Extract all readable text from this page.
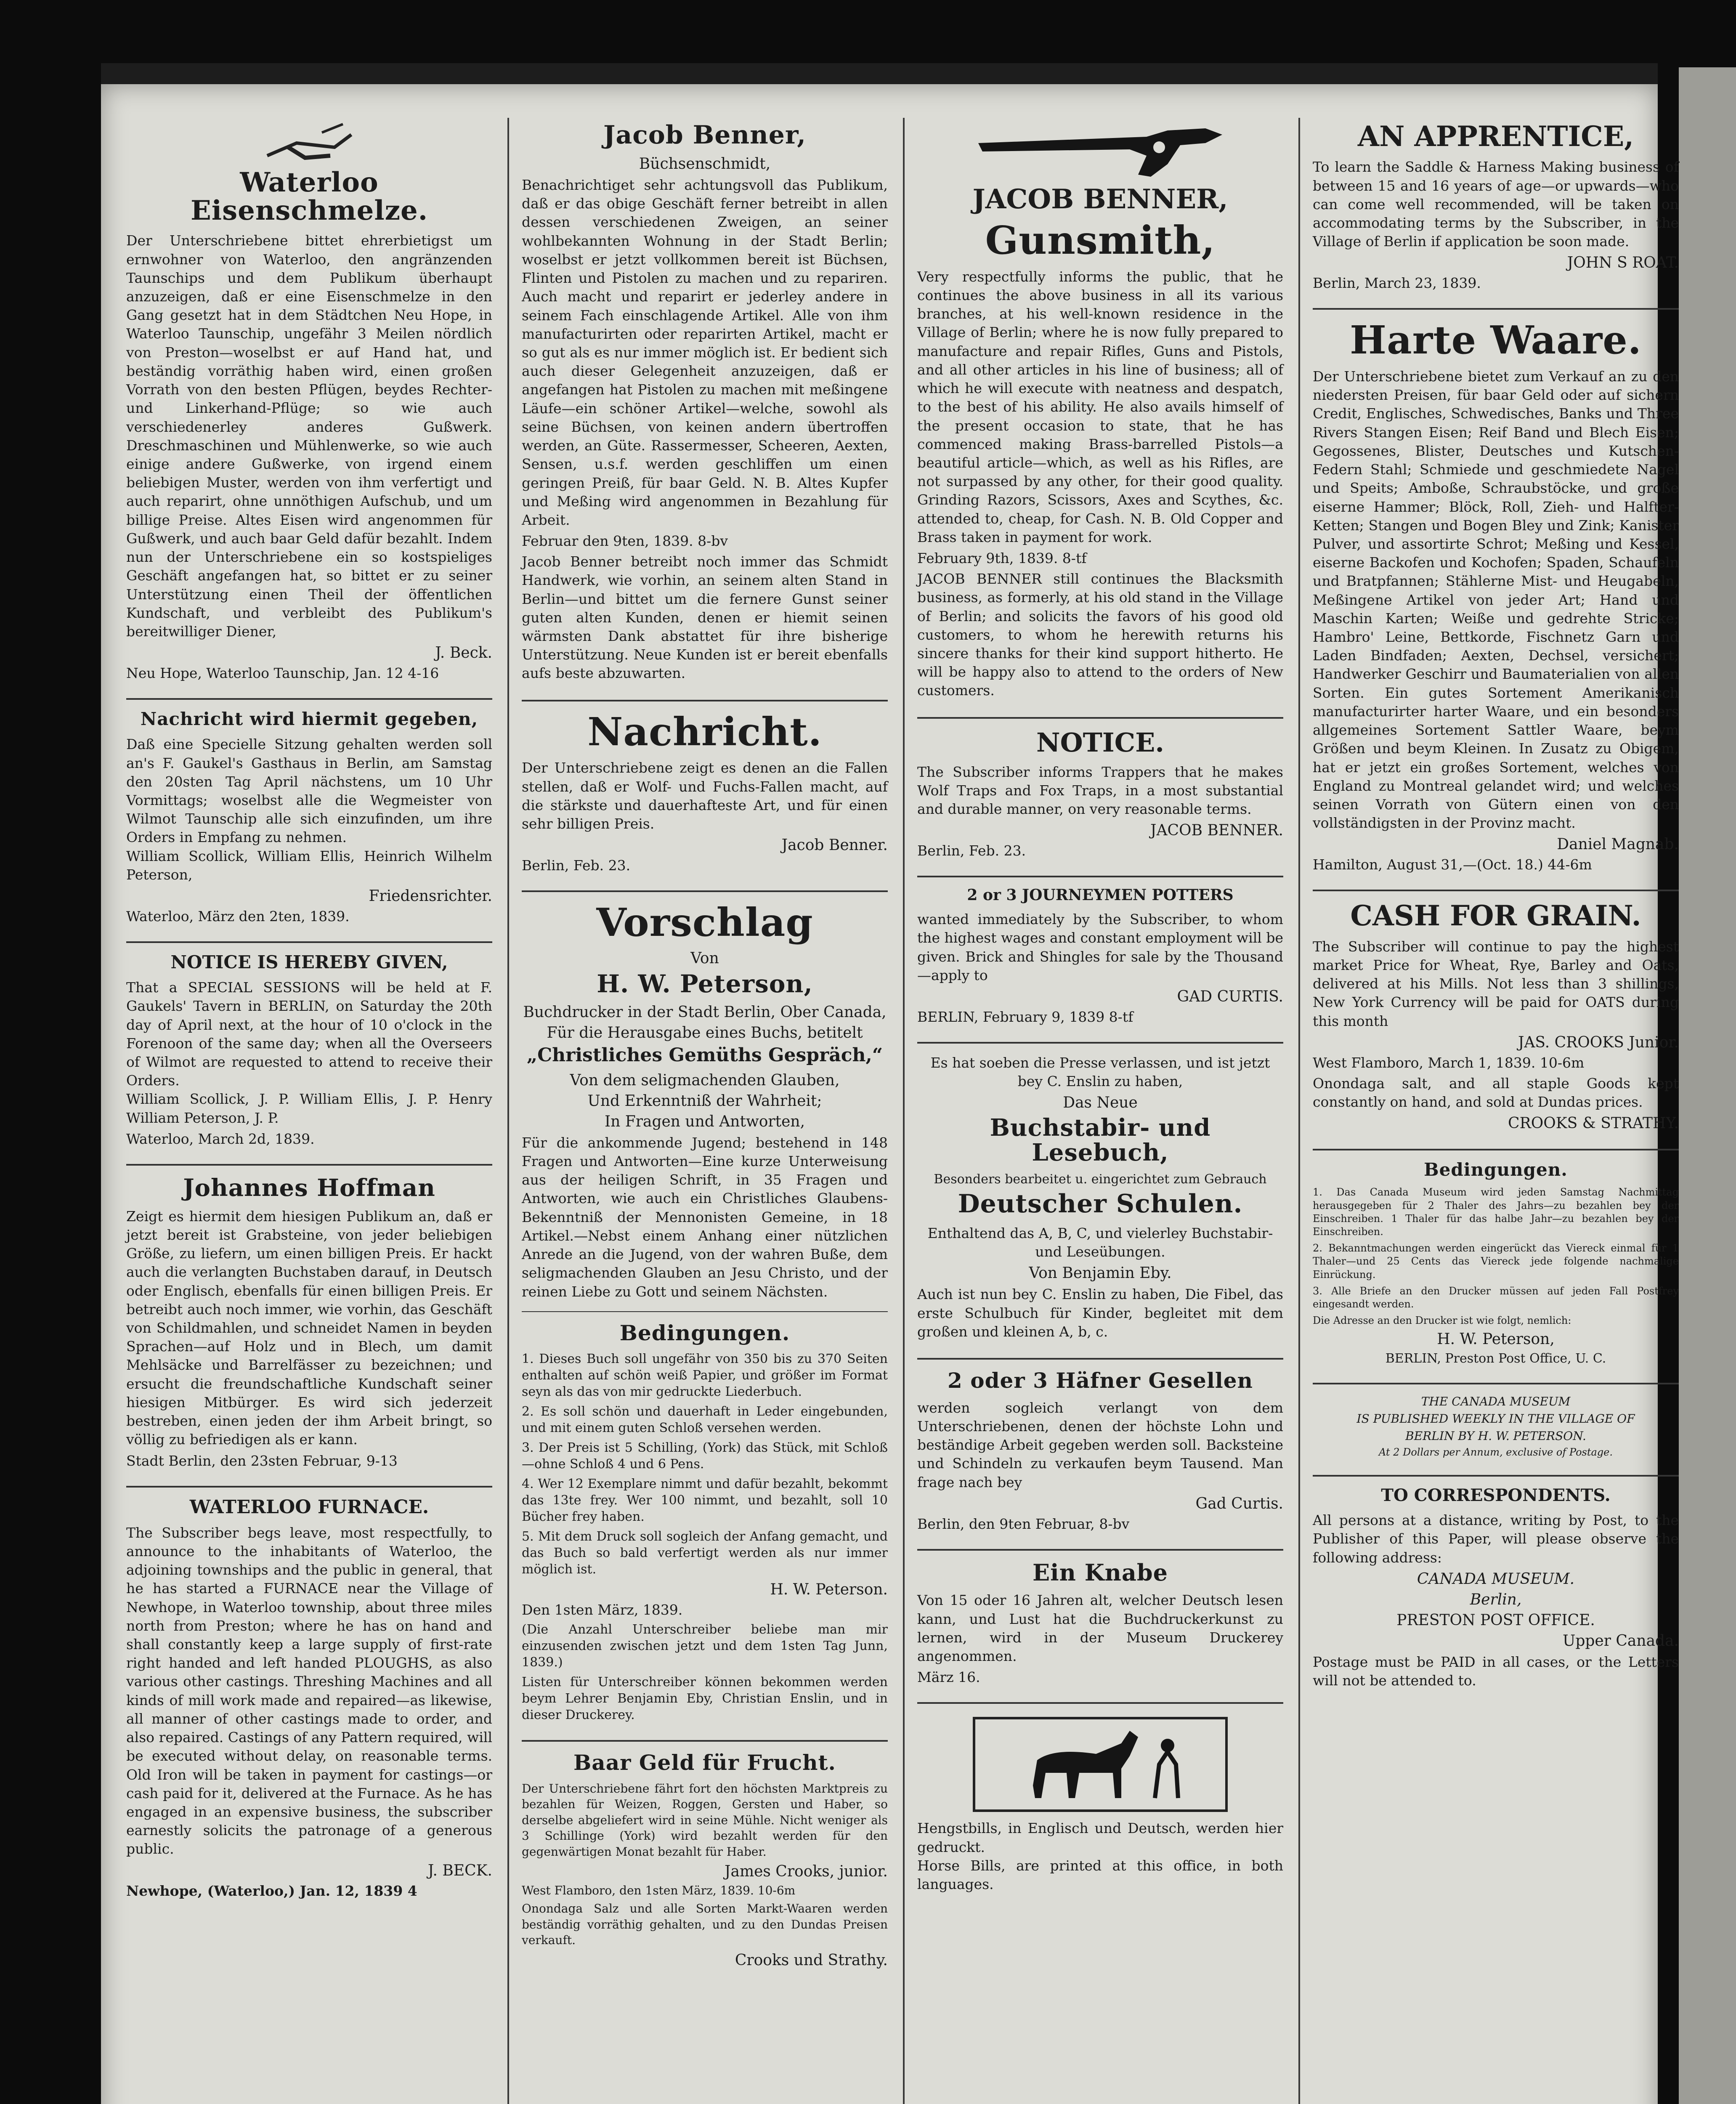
Waterloo Eisenschmelze.

Der Unterschriebene bittet ehrerbietigst um ernwohner von Waterloo, den angränzenden Taunschips und dem Publikum überhaupt anzuzeigen, daß er eine Eisenschmelze in den Gang gesetzt hat in dem Städtchen Neu Hope, in Waterloo Taunschip, ungefähr 3 Meilen nördlich von Preston—woselbst er auf Hand hat, und beständig vorräthig haben wird, einen großen Vorrath von den besten Pflügen, beydes Rechter- und Linkerhand-Pflüge; so wie auch verschiedenerley anderes Gußwerk. Dreschmaschinen und Mühlenwerke, so wie auch einige andere Gußwerke, von irgend einem beliebigen Muster, werden von ihm verfertigt und auch reparirt, ohne unnöthigen Aufschub, und um billige Preise. Altes Eisen wird angenommen für Gußwerk, und auch baar Geld dafür bezahlt. Indem nun der Unterschriebene ein so kostspieliges Geschäft angefangen hat, so bittet er zu seiner Unterstützung einen Theil der öffentlichen Kundschaft, und verbleibt des Publikum's bereitwilliger Diener,

J. Beck.
Neu Hope, Waterloo Taunschip, Jan. 12 4-16
Nachricht wird hiermit gegeben,

Daß eine Specielle Sitzung gehalten werden soll an's F. Gaukel's Gasthaus in Berlin, am Samstag den 20sten Tag April nächstens, um 10 Uhr Vormittags; woselbst alle die Wegmeister von Wilmot Taunschip alle sich einzufinden, um ihre Orders in Empfang zu nehmen.

William Scollick, William Ellis, Heinrich Wilhelm Peterson,

Friedensrichter.
Waterloo, März den 2ten, 1839.
NOTICE IS HEREBY GIVEN,

That a SPECIAL SESSIONS will be held at F. Gaukels' Tavern in BERLIN, on Saturday the 20th day of April next, at the hour of 10 o'clock in the Forenoon of the same day; when all the Overseers of Wilmot are requested to attend to receive their Orders.

William Scollick, J. P. William Ellis, J. P. Henry William Peterson, J. P.

Waterloo, March 2d, 1839.
Johannes Hoffman

Zeigt es hiermit dem hiesigen Publikum an, daß er jetzt bereit ist Grabsteine, von jeder beliebigen Größe, zu liefern, um einen billigen Preis. Er hackt auch die verlangten Buchstaben darauf, in Deutsch oder Englisch, ebenfalls für einen billigen Preis. Er betreibt auch noch immer, wie vorhin, das Geschäft von Schildmahlen, und schneidet Namen in beyden Sprachen—auf Holz und in Blech, um damit Mehlsäcke und Barrelfässer zu bezeichnen; und ersucht die freundschaftliche Kundschaft seiner hiesigen Mitbürger. Es wird sich jederzeit bestreben, einen jeden der ihm Arbeit bringt, so völlig zu befriedigen als er kann.

Stadt Berlin, den 23sten Februar, 9-13
WATERLOO FURNACE.

The Subscriber begs leave, most respectfully, to announce to the inhabitants of Waterloo, the adjoining townships and the public in general, that he has started a FURNACE near the Village of Newhope, in Waterloo township, about three miles north from Preston; where he has on hand and shall constantly keep a large supply of first-rate right handed and left handed PLOUGHS, as also various other castings. Threshing Machines and all kinds of mill work made and repaired—as likewise, all manner of other castings made to order, and also repaired. Castings of any Pattern required, will be executed without delay, on reasonable terms. Old Iron will be taken in payment for castings—or cash paid for it, delivered at the Furnace. As he has engaged in an expensive business, the subscriber earnestly solicits the patronage of a generous public.

J. BECK.
Newhope, (Waterloo,) Jan. 12, 1839 4
Jacob Benner,
Büchsenschmidt,

Benachrichtiget sehr achtungsvoll das Publikum, daß er das obige Geschäft ferner betreibt in allen dessen verschiedenen Zweigen, an seiner wohlbekannten Wohnung in der Stadt Berlin; woselbst er jetzt vollkommen bereit ist Büchsen, Flinten und Pistolen zu machen und zu repariren. Auch macht und reparirt er jederley andere in seinem Fach einschlagende Artikel. Alle von ihm manufacturirten oder reparirten Artikel, macht er so gut als es nur immer möglich ist. Er bedient sich auch dieser Gelegenheit anzuzeigen, daß er angefangen hat Pistolen zu machen mit meßingene Läufe—ein schöner Artikel—welche, sowohl als seine Büchsen, von keinen andern übertroffen werden, an Güte. Rassermesser, Scheeren, Aexten, Sensen, u.s.f. werden geschliffen um einen geringen Preiß, für baar Geld. N. B. Altes Kupfer und Meßing wird angenommen in Bezahlung für Arbeit.

Februar den 9ten, 1839. 8-bv

Jacob Benner betreibt noch immer das Schmidt Handwerk, wie vorhin, an seinem alten Stand in Berlin—und bittet um die fernere Gunst seiner guten alten Kunden, denen er hiemit seinen wärmsten Dank abstattet für ihre bisherige Unterstützung. Neue Kunden ist er bereit ebenfalls aufs beste abzuwarten.

Nachricht.

Der Unterschriebene zeigt es denen an die Fallen stellen, daß er Wolf- und Fuchs-Fallen macht, auf die stärkste und dauerhafteste Art, und für einen sehr billigen Preis.

Jacob Benner.
Berlin, Feb. 23.
Vorschlag
Von
H. W. Peterson,
Buchdrucker in der Stadt Berlin, Ober Canada,
Für die Herausgabe eines Buchs, betitelt
„Christliches Gemüths Gespräch,“
Von dem seligmachenden Glauben,
Und Erkenntniß der Wahrheit;
In Fragen und Antworten,

Für die ankommende Jugend; bestehend in 148 Fragen und Antworten—Eine kurze Unterweisung aus der heiligen Schrift, in 35 Fragen und Antworten, wie auch ein Christliches Glaubens-Bekenntniß der Mennonisten Gemeine, in 18 Artikel.—Nebst einem Anhang einer nützlichen Anrede an die Jugend, von der wahren Buße, dem seligmachenden Glauben an Jesu Christo, und der reinen Liebe zu Gott und seinem Nächsten.

Bedingungen.

1. Dieses Buch soll ungefähr von 350 bis zu 370 Seiten enthalten auf schön weiß Papier, und größer im Format seyn als das von mir gedruckte Liederbuch.

2. Es soll schön und dauerhaft in Leder eingebunden, und mit einem guten Schloß versehen werden.

3. Der Preis ist 5 Schilling, (York) das Stück, mit Schloß—ohne Schloß 4 und 6 Pens.

4. Wer 12 Exemplare nimmt und dafür bezahlt, bekommt das 13te frey. Wer 100 nimmt, und bezahlt, soll 10 Bücher frey haben.

5. Mit dem Druck soll sogleich der Anfang gemacht, und das Buch so bald verfertigt werden als nur immer möglich ist.

H. W. Peterson.
Den 1sten März, 1839.

(Die Anzahl Unterschreiber beliebe man mir einzusenden zwischen jetzt und dem 1sten Tag Junn, 1839.)

Listen für Unterschreiber können bekommen werden beym Lehrer Benjamin Eby, Christian Enslin, und in dieser Druckerey.

Baar Geld für Frucht.

Der Unterschriebene fährt fort den höchsten Marktpreis zu bezahlen für Weizen, Roggen, Gersten und Haber, so derselbe abgeliefert wird in seine Mühle. Nicht weniger als 3 Schillinge (York) wird bezahlt werden für den gegenwärtigen Monat bezahlt für Haber.

James Crooks, junior.
West Flamboro, den 1sten März, 1839. 10-6m

Onondaga Salz und alle Sorten Markt-Waaren werden beständig vorräthig gehalten, und zu den Dundas Preisen verkauft.

Crooks und Strathy.
JACOB BENNER,
Gunsmith,

Very respectfully informs the public, that he continues the above business in all its various branches, at his well-known residence in the Village of Berlin; where he is now fully prepared to manufacture and repair Rifles, Guns and Pistols, and all other articles in his line of business; all of which he will execute with neatness and despatch, to the best of his ability. He also avails himself of the present occasion to state, that he has commenced making Brass-barrelled Pistols—a beautiful article—which, as well as his Rifles, are not surpassed by any other, for their good quality. Grinding Razors, Scissors, Axes and Scythes, &c. attended to, cheap, for Cash. N. B. Old Copper and Brass taken in payment for work.

February 9th, 1839. 8-tf

JACOB BENNER still continues the Blacksmith business, as formerly, at his old stand in the Village of Berlin; and solicits the favors of his good old customers, to whom he herewith returns his sincere thanks for their kind support hitherto. He will be happy also to attend to the orders of New customers.

NOTICE.

The Subscriber informs Trappers that he makes Wolf Traps and Fox Traps, in a most substantial and durable manner, on very reasonable terms.

JACOB BENNER.
Berlin, Feb. 23.
2 or 3 JOURNEYMEN POTTERS

wanted immediately by the Subscriber, to whom the highest wages and constant employment will be given. Brick and Shingles for sale by the Thousand—apply to

GAD CURTIS.
BERLIN, February 9, 1839 8-tf

Es hat soeben die Presse verlassen, und ist jetzt bey C. Enslin zu haben,

Das Neue
Buchstabir- und Lesebuch,
Besonders bearbeitet u. eingerichtet zum Gebrauch
Deutscher Schulen.

Enthaltend das A, B, C, und vielerley Buchstabir- und Leseübungen.

Von Benjamin Eby.

Auch ist nun bey C. Enslin zu haben, Die Fibel, das erste Schulbuch für Kinder, begleitet mit dem großen und kleinen A, b, c.

2 oder 3 Häfner Gesellen

werden sogleich verlangt von dem Unterschriebenen, denen der höchste Lohn und beständige Arbeit gegeben werden soll. Backsteine und Schindeln zu verkaufen beym Tausend. Man frage nach bey

Gad Curtis.
Berlin, den 9ten Februar, 8-bv
Ein Knabe

Von 15 oder 16 Jahren alt, welcher Deutsch lesen kann, und Lust hat die Buchdruckerkunst zu lernen, wird in der Museum Druckerey angenommen.

März 16.

Hengstbills, in Englisch und Deutsch, werden hier gedruckt.

Horse Bills, are printed at this office, in both languages.

AN APPRENTICE,

To learn the Saddle & Harness Making business of between 15 and 16 years of age—or upwards—who can come well recommended, will be taken on accommodating terms by the Subscriber, in the Village of Berlin if application be soon made.

JOHN S ROAT.
Berlin, March 23, 1839.
Harte Waare.

Der Unterschriebene bietet zum Verkauf an zu den niedersten Preisen, für baar Geld oder auf sichern Credit, Englisches, Schwedisches, Banks und Three Rivers Stangen Eisen; Reif Band und Blech Eisen; Gegossenes, Blister, Deutsches und Kutschen-Federn Stahl; Schmiede und geschmiedete Nagel und Speits; Amboße, Schraubstöcke, und große eiserne Hammer; Blöck, Roll, Zieh- und Halfter-Ketten; Stangen und Bogen Bley und Zink; Kanister Pulver, und assortirte Schrot; Meßing und Kessel, eiserne Backofen und Kochofen; Spaden, Schaufeln und Bratpfannen; Stählerne Mist- und Heugabeln, Meßingene Artikel von jeder Art; Hand und Maschin Karten; Weiße und gedrehte Stricke; Hambro' Leine, Bettkorde, Fischnetz Garn und Laden Bindfaden; Aexten, Dechsel, versichert; Handwerker Geschirr und Baumaterialien von allen Sorten. Ein gutes Sortement Amerikanisch manufacturirter harter Waare, und ein besonders allgemeines Sortement Sattler Waare, beym Größen und beym Kleinen. In Zusatz zu Obigem, hat er jetzt ein großes Sortement, welches von England zu Montreal gelandet wird; und welches seinen Vorrath von Gütern einen von den vollständigsten in der Provinz macht.

Daniel Magnab.
Hamilton, August 31,—(Oct. 18.) 44-6m
CASH FOR GRAIN.

The Subscriber will continue to pay the highest market Price for Wheat, Rye, Barley and Oats, delivered at his Mills. Not less than 3 shillings, New York Currency will be paid for OATS during this month

JAS. CROOKS Junior.
West Flamboro, March 1, 1839. 10-6m

Onondaga salt, and all staple Goods kept constantly on hand, and sold at Dundas prices.

CROOKS & STRATHY.
Bedingungen.

1. Das Canada Museum wird jeden Samstag Nachmittag herausgegeben für 2 Thaler des Jahrs—zu bezahlen bey der Einschreiben. 1 Thaler für das halbe Jahr—zu bezahlen bey der Einschreiben.

2. Bekanntmachungen werden eingerückt das Viereck einmal für 1 Thaler—und 25 Cents das Viereck jede folgende nachmalige Einrückung.

3. Alle Briefe an den Drucker müssen auf jeden Fall Postfrey eingesandt werden.

Die Adresse an den Drucker ist wie folgt, nemlich:

H. W. Peterson,
BERLIN, Preston Post Office, U. C.
THE CANADA MUSEUM
IS PUBLISHED WEEKLY IN THE VILLAGE OF
BERLIN BY H. W. PETERSON.
At 2 Dollars per Annum, exclusive of Postage.
TO CORRESPONDENTS.

All persons at a distance, writing by Post, to the Publisher of this Paper, will please observe the following address:

CANADA MUSEUM.
Berlin,
PRESTON POST OFFICE.
Upper Canada.

Postage must be PAID in all cases, or the Letters will not be attended to.
